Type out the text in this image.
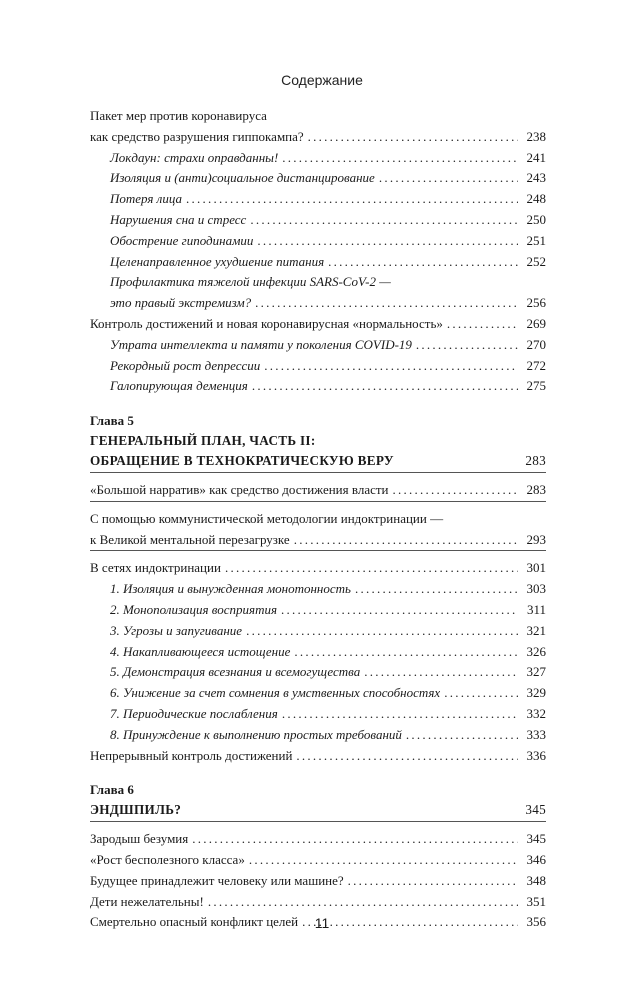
Содержание
Пакет мер против коронавируса
как средство разрушения гиппокампа? . . .	238
Локдаун: страхи оправданны! . . .	241
Изоляция и (анти)социальное дистанцирование . . .	243
Потеря лица . . .	248
Нарушения сна и стресс . . .	250
Обострение гиподинамии . . .	251
Целенаправленное ухудшение питания . . .	252
Профилактика тяжелой инфекции SARS-CoV-2 —
это правый экстремизм? . . .	256
Контроль достижений и новая коронавирусная «нормальность» . . .	269
Утрата интеллекта и памяти у поколения COVID-19 . . .	270
Рекордный рост депрессии . . .	272
Галопирующая деменция . . .	275
Глава 5
ГЕНЕРАЛЬНЫЙ ПЛАН, ЧАСТЬ II:
ОБРАЩЕНИЕ В ТЕХНОКРАТИЧЕСКУЮ ВЕРУ	283
«Большой нарратив» как средство достижения власти . . .	283
С помощью коммунистической методологии индоктринации —
к Великой ментальной перезагрузке . . .	293
В сетях индоктринации . . .	301
1. Изоляция и вынужденная монотонность . . .	303
2. Монополизация восприятия . . .	311
3. Угрозы и запугивание . . .	321
4. Накапливающееся истощение . . .	326
5. Демонстрация всезнания и всемогущества . . .	327
6. Унижение за счет сомнения в умственных способностях . . .	329
7. Периодические послабления . . .	332
8. Принуждение к выполнению простых требований . . .	333
Непрерывный контроль достижений . . .	336
Глава 6
ЭНДШПИЛЬ?	345
Зародыш безумия . . .	345
«Рост бесполезного класса» . . .	346
Будущее принадлежит человеку или машине? . . .	348
Дети нежелательны! . . .	351
Смертельно опасный конфликт целей . . .	356
11
